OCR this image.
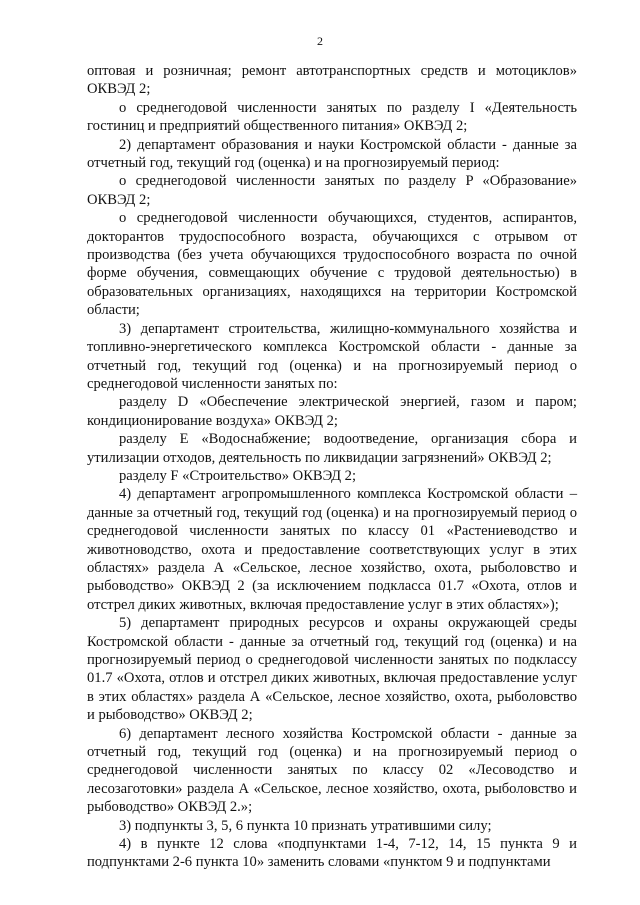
2

оптовая и розничная; ремонт автотранспортных средств и мотоциклов» ОКВЭД 2;

о среднегодовой численности занятых по разделу I «Деятельность гостиниц и предприятий общественного питания» ОКВЭД 2;

2) департамент образования и науки Костромской области - данные за отчетный год, текущий год (оценка) и на прогнозируемый период:

о среднегодовой численности занятых по разделу P «Образование» ОКВЭД 2;

о среднегодовой численности обучающихся, студентов, аспирантов, докторантов трудоспособного возраста, обучающихся с отрывом от производства (без учета обучающихся трудоспособного возраста по очной форме обучения, совмещающих обучение с трудовой деятельностью) в образовательных организациях, находящихся на территории Костромской области;

3) департамент строительства, жилищно-коммунального хозяйства и топливно-энергетического комплекса Костромской области - данные за отчетный год, текущий год (оценка) и на прогнозируемый период о среднегодовой численности занятых по:

разделу D «Обеспечение электрической энергией, газом и паром; кондиционирование воздуха» ОКВЭД 2;

разделу E «Водоснабжение; водоотведение, организация сбора и утилизации отходов, деятельность по ликвидации загрязнений» ОКВЭД 2;

разделу F «Строительство» ОКВЭД 2;

4) департамент агропромышленного комплекса Костромской области – данные за отчетный год, текущий год (оценка) и на прогнозируемый период о среднегодовой численности занятых по классу 01 «Растениеводство и животноводство, охота и предоставление соответствующих услуг в этих областях» раздела А «Сельское, лесное хозяйство, охота, рыболовство и рыбоводство» ОКВЭД 2 (за исключением подкласса 01.7 «Охота, отлов и отстрел диких животных, включая предоставление услуг в этих областях»);

5) департамент природных ресурсов и охраны окружающей среды Костромской области - данные за отчетный год, текущий год (оценка) и на прогнозируемый период о среднегодовой численности занятых по подклассу 01.7 «Охота, отлов и отстрел диких животных, включая предоставление услуг в этих областях» раздела А «Сельское, лесное хозяйство, охота, рыболовство и рыбоводство» ОКВЭД 2;

6) департамент лесного хозяйства Костромской области - данные за отчетный год, текущий год (оценка) и на прогнозируемый период о среднегодовой численности занятых по классу 02 «Лесоводство и лесозаготовки» раздела А «Сельское, лесное хозяйство, охота, рыболовство и рыбоводство» ОКВЭД 2.»;

3) подпункты 3, 5, 6 пункта 10 признать утратившими силу;

4) в пункте 12 слова «подпунктами 1-4, 7-12, 14, 15 пункта 9 и подпунктами 2-6 пункта 10» заменить словами «пунктом 9 и подпунктами
